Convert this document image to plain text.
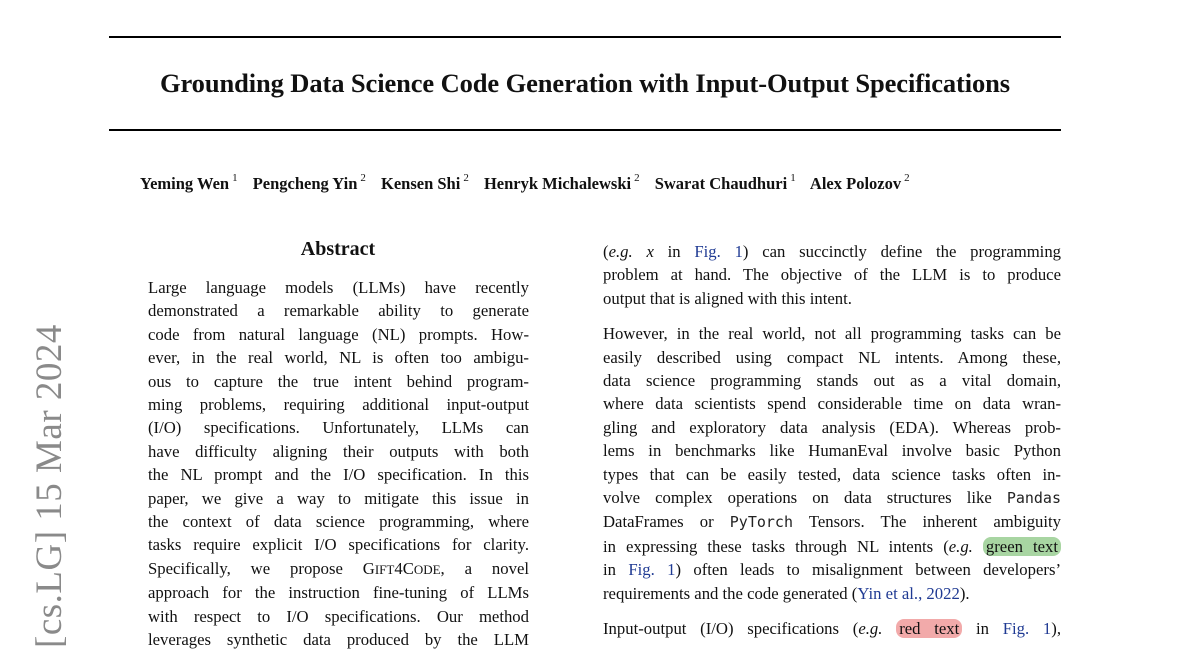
Grounding Data Science Code Generation with Input-Output Specifications
Yeming Wen $^1$ Pengcheng Yin $^2$ Kensen Shi $^2$ Henryk Michalewski $^2$ Swarat Chaudhuri $^1$ Alex Polozov $^2$
[cs.LG] 15 Mar 2024
Abstract
Large language models (LLMs) have recently
demonstrated a remarkable ability to generate
code from natural language (NL) prompts. How-
ever, in the real world, NL is often too ambigu-
ous to capture the true intent behind program-
ming problems, requiring additional input-output
(I/O) specifications. Unfortunately, LLMs can
have difficulty aligning their outputs with both
the NL prompt and the I/O specification. In this
paper, we give a way to mitigate this issue in
the context of data science programming, where
tasks require explicit I/O specifications for clarity.
Specifically, we propose GIFT4CODE, a novel
approach for the instruction fine-tuning of LLMs
with respect to I/O specifications. Our method
leverages synthetic data produced by the LLM
(e.g. x in Fig. 1) can succinctly define the programming
problem at hand. The objective of the LLM is to produce
output that is aligned with this intent.
However, in the real world, not all programming tasks can be
easily described using compact NL intents. Among these,
data science programming stands out as a vital domain,
where data scientists spend considerable time on data wran-
gling and exploratory data analysis (EDA). Whereas prob-
lems in benchmarks like HumanEval involve basic Python
types that can be easily tested, data science tasks often in-
volve complex operations on data structures like Pandas
DataFrames or PyTorch Tensors. The inherent ambiguity
in expressing these tasks through NL intents (e.g. green text
in Fig. 1) often leads to misalignment between developers’
requirements and the code generated (Yin et al., 2022).
Input-output (I/O) specifications (e.g. red text in Fig. 1),
